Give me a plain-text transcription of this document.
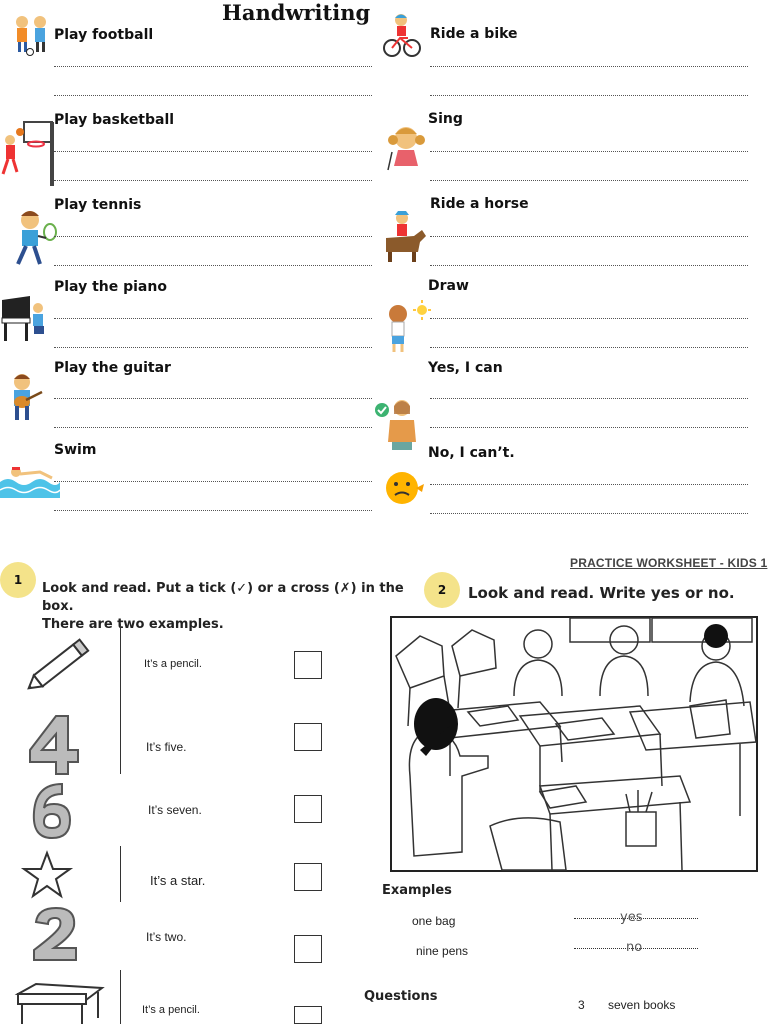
Handwriting
Play football
Play basketball
Play tennis
Play the piano
Play the guitar
Swim
Ride a bike
Sing
Ride a horse
Draw
Yes, I can
No, I can’t.
PRACTICE WORKSHEET - KIDS 1
1
Look and read. Put a tick (✓) or a cross (✗) in the box.
There are two examples.
2	Look and read. Write yes or no.
It’s a pencil.
It’s five.
It’s seven.
It’s a star.
It’s two.
It’s a pencil.
Examples
one bag	yes
nine pens	no
Questions
3 seven books
